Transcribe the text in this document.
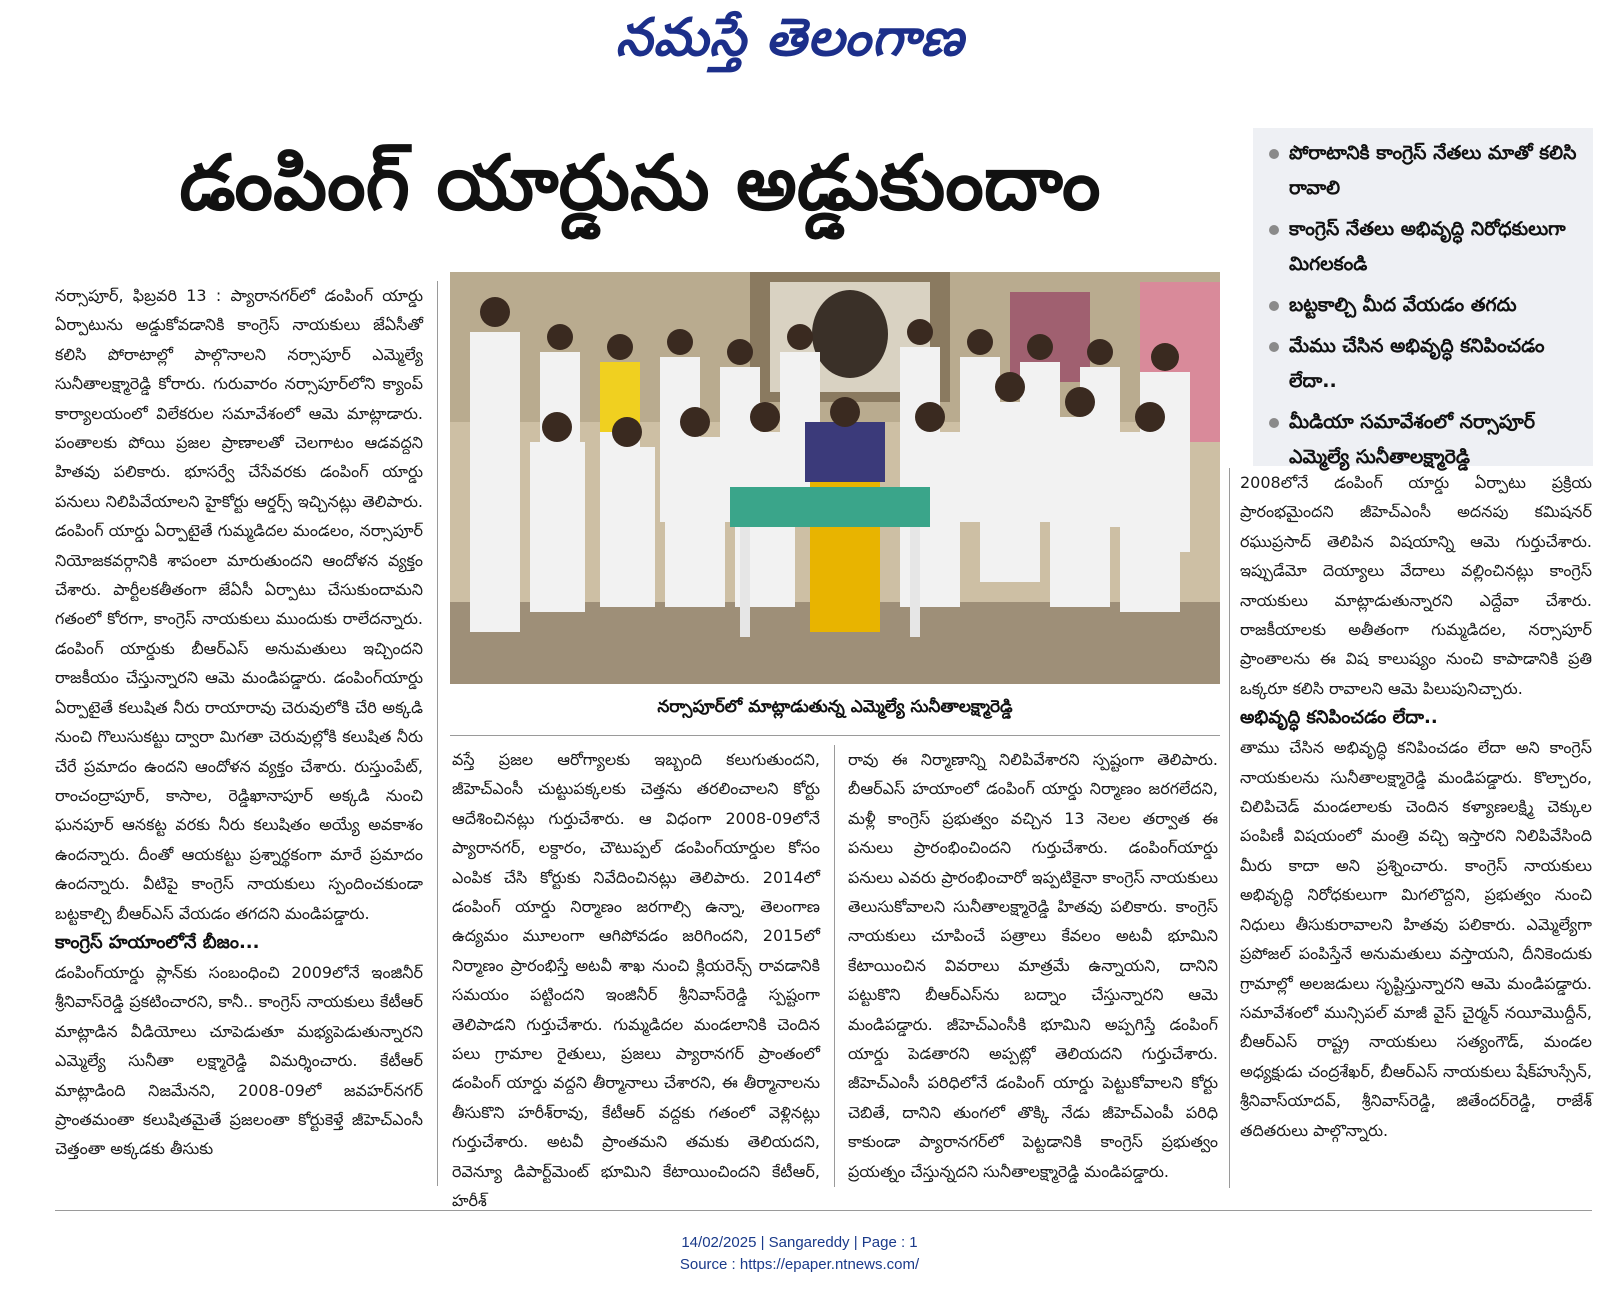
నమస్తే తెలంగాణ
డంపింగ్ యార్డును అడ్డుకుందాం	పోరాటానికి కాంగ్రెస్ నేతలు మాతో కలిసి రావాలి
కాంగ్రెస్ నేతలు అభివృద్ధి నిరోధకులుగా మిగలకండి
బట్టకాల్చి మీద వేయడం తగదు
మేము చేసిన అభివృద్ధి కనిపించడం లేదా..
మీడియా సమావేశంలో నర్సాపూర్ ఎమ్మెల్యే సునీతాలక్ష్మారెడ్డి

నర్సాపూర్, ఫిబ్రవరి 13 : ప్యారానగర్‌లో డంపింగ్ యార్డు ఏర్పాటును అడ్డుకోవడానికి కాంగ్రెస్ నాయకులు జేఏసీతో కలిసి పోరాటాల్లో పాల్గొనాలని నర్సాపూర్ ఎమ్మెల్యే సునీతాలక్ష్మారెడ్డి కోరారు. గురువారం నర్సాపూర్‌లోని క్యాంప్ కార్యాలయంలో విలేకరుల సమావేశంలో ఆమె మాట్లాడారు. పంతాలకు పోయి ప్రజల ప్రాణాలతో చెలగాటం ఆడవద్దని హితవు పలికారు. భూసర్వే చేసేవరకు డంపింగ్ యార్డు పనులు నిలిపివేయాలని హైకోర్టు ఆర్డర్స్ ఇచ్చినట్లు తెలిపారు. డంపింగ్ యార్డు ఏర్పాటైతే గుమ్మడిదల మండలం, నర్సాపూర్ నియోజకవర్గానికి శాపంలా మారుతుందని ఆందోళన వ్యక్తం చేశారు. పార్టీలకతీతంగా జేఏసీ ఏర్పాటు చేసుకుందామని గతంలో కోరగా, కాంగ్రెస్ నాయకులు ముందుకు రాలేదన్నారు. డంపింగ్ యార్డుకు బీఆర్ఎస్ అనుమతులు ఇచ్చిందని రాజకీయం చేస్తున్నారని ఆమె మండిపడ్డారు. డంపింగ్‌యార్డు ఏర్పాటైతే కలుషిత నీరు రాయారావు చెరువులోకి చేరి అక్కడి నుంచి గొలుసుకట్టు ద్వారా మిగతా చెరువుల్లోకి కలుషిత నీరు చేరే ప్రమాదం ఉందని ఆందోళన వ్యక్తం చేశారు. రుస్తుంపేట్, రాంచంద్రాపూర్, కాసాల, రెడ్డిఖానాపూర్ అక్కడి నుంచి ఘనపూర్ ఆనకట్ట వరకు నీరు కలుషితం అయ్యే అవకాశం ఉందన్నారు. దీంతో ఆయకట్టు ప్రశ్నార్థకంగా మారే ప్రమాదం ఉందన్నారు. వీటిపై కాంగ్రెస్ నాయకులు స్పందించకుండా బట్టకాల్చి బీఆర్ఎస్ వేయడం తగదని మండిపడ్డారు.

కాంగ్రెస్ హయాంలోనే బీజం...

డంపింగ్‌యార్డు ప్లాన్‌కు సంబంధించి 2009లోనే ఇంజినీర్ శ్రీనివాస్‌రెడ్డి ప్రకటించారని, కానీ.. కాంగ్రెస్ నాయకులు కేటీఆర్ మాట్లాడిన వీడియోలు చూపెడుతూ మభ్యపెడుతున్నారని ఎమ్మెల్యే సునీతా లక్ష్మారెడ్డి విమర్శించారు. కేటీఆర్ మాట్లాడింది నిజమేనని, 2008-09లో జవహర్‌నగర్ ప్రాంతమంతా కలుషితమైతే ప్రజలంతా కోర్టుకెళ్తే జీహెచ్‌ఎంసీ చెత్తంతా అక్కడకు తీసుకు

నర్సాపూర్‌లో మాట్లాడుతున్న ఎమ్మెల్యే సునీతాలక్ష్మారెడ్డి

వస్తే ప్రజల ఆరోగ్యాలకు ఇబ్బంది కలుగుతుందని, జీహెచ్‌ఎంసీ చుట్టుపక్కలకు చెత్తను తరలించాలని కోర్టు ఆదేశించినట్లు గుర్తుచేశారు. ఆ విధంగా 2008-09లోనే ప్యారానగర్, లక్దారం, చౌటుప్పల్ డంపింగ్‌యార్డుల కోసం ఎంపిక చేసి కోర్టుకు నివేదించినట్లు తెలిపారు. 2014లో డంపింగ్ యార్డు నిర్మాణం జరగాల్సి ఉన్నా, తెలంగాణ ఉద్యమం మూలంగా ఆగిపోవడం జరిగిందని, 2015లో నిర్మాణం ప్రారంభిస్తే అటవీ శాఖ నుంచి క్లియరెన్స్ రావడానికి సమయం పట్టిందని ఇంజినీర్ శ్రీనివాస్‌రెడ్డి స్పష్టంగా తెలిపాడని గుర్తుచేశారు. గుమ్మడిదల మండలానికి చెందిన పలు గ్రామాల రైతులు, ప్రజలు ప్యారానగర్ ప్రాంతంలో డంపింగ్ యార్డు వద్దని తీర్మానాలు చేశారని, ఈ తీర్మానాలను తీసుకొని హరీశ్‌రావు, కేటీఆర్ వద్దకు గతంలో వెళ్లినట్లు గుర్తుచేశారు. అటవీ ప్రాంతమని తమకు తెలియదని, రెవెన్యూ డిపార్ట్‌మెంట్ భూమిని కేటాయించిందని కేటీఆర్, హరీశ్

రావు ఈ నిర్మాణాన్ని నిలిపివేశారని స్పష్టంగా తెలిపారు. బీఆర్ఎస్ హయాంలో డంపింగ్ యార్డు నిర్మాణం జరగలేదని, మళ్లీ కాంగ్రెస్ ప్రభుత్వం వచ్చిన 13 నెలల తర్వాత ఈ పనులు ప్రారంభించిందని గుర్తుచేశారు. డంపింగ్‌యార్డు పనులు ఎవరు ప్రారంభించారో ఇప్పటికైనా కాంగ్రెస్ నాయకులు తెలుసుకోవాలని సునీతాలక్ష్మారెడ్డి హితవు పలికారు. కాంగ్రెస్ నాయకులు చూపించే పత్రాలు కేవలం అటవీ భూమిని కేటాయించిన వివరాలు మాత్రమే ఉన్నాయని, దానిని పట్టుకొని బీఆర్ఎస్‌ను బద్నాం చేస్తున్నారని ఆమె మండిపడ్డారు. జీహెచ్‌ఎంసీకి భూమిని అప్పగిస్తే డంపింగ్ యార్డు పెడతారని అప్పట్లో తెలియదని గుర్తుచేశారు. జీహెచ్‌ఎంసీ పరిధిలోనే డంపింగ్ యార్డు పెట్టుకోవాలని కోర్టు చెబితే, దానిని తుంగలో తొక్కి నేడు జీహెచ్‌ఎంపీ పరిధి కాకుండా ప్యారానగర్‌లో పెట్టడానికి కాంగ్రెస్ ప్రభుత్వం ప్రయత్నం చేస్తున్నదని సునీతాలక్ష్మారెడ్డి మండిపడ్డారు.

2008లోనే డంపింగ్ యార్డు ఏర్పాటు ప్రక్రియ ప్రారంభమైందని జీహెచ్‌ఎంసీ అదనపు కమిషనర్ రఘుప్రసాద్ తెలిపిన విషయాన్ని ఆమె గుర్తుచేశారు. ఇప్పుడేమో దెయ్యాలు వేదాలు వల్లించినట్లు కాంగ్రెస్ నాయకులు మాట్లాడుతున్నారని ఎద్దేవా చేశారు. రాజకీయాలకు అతీతంగా గుమ్మడిదల, నర్సాపూర్ ప్రాంతాలను ఈ విష కాలుష్యం నుంచి కాపాడానికి ప్రతి ఒక్కరూ కలిసి రావాలని ఆమె పిలుపునిచ్చారు.

అభివృద్ధి కనిపించడం లేదా..

తాము చేసిన అభివృద్ధి కనిపించడం లేదా అని కాంగ్రెస్ నాయకులను సునీతాలక్ష్మారెడ్డి మండిపడ్డారు. కొల్చారం, చిలిపిచెడ్ మండలాలకు చెందిన కళ్యాణలక్ష్మి చెక్కుల పంపిణీ విషయంలో మంత్రి వచ్చి ఇస్తారని నిలిపివేసింది మీరు కాదా అని ప్రశ్నించారు. కాంగ్రెస్ నాయకులు అభివృద్ధి నిరోధకులుగా మిగలొద్దని, ప్రభుత్వం నుంచి నిధులు తీసుకురావాలని హితవు పలికారు. ఎమ్మెల్యేగా ప్రపోజల్ పంపిస్తేనే అనుమతులు వస్తాయని, దీనికెందుకు గ్రామాల్లో అలజడులు సృష్టిస్తున్నారని ఆమె మండిపడ్డారు. సమావేశంలో మున్సిపల్ మాజీ వైస్ చైర్మన్ నయీమొద్దీన్, బీఆర్ఎస్ రాష్ట్ర నాయకులు సత్యంగౌడ్, మండల అధ్యక్షుడు చంద్రశేఖర్, బీఆర్ఎస్ నాయకులు షేక్‌హుస్సేన్, శ్రీనివాస్‌యాదవ్, శ్రీనివాస్‌రెడ్డి, జితేందర్‌రెడ్డి, రాజేశ్ తదితరులు పాల్గొన్నారు.

14/02/2025 | Sangareddy | Page : 1
Source : https://epaper.ntnews.com/
